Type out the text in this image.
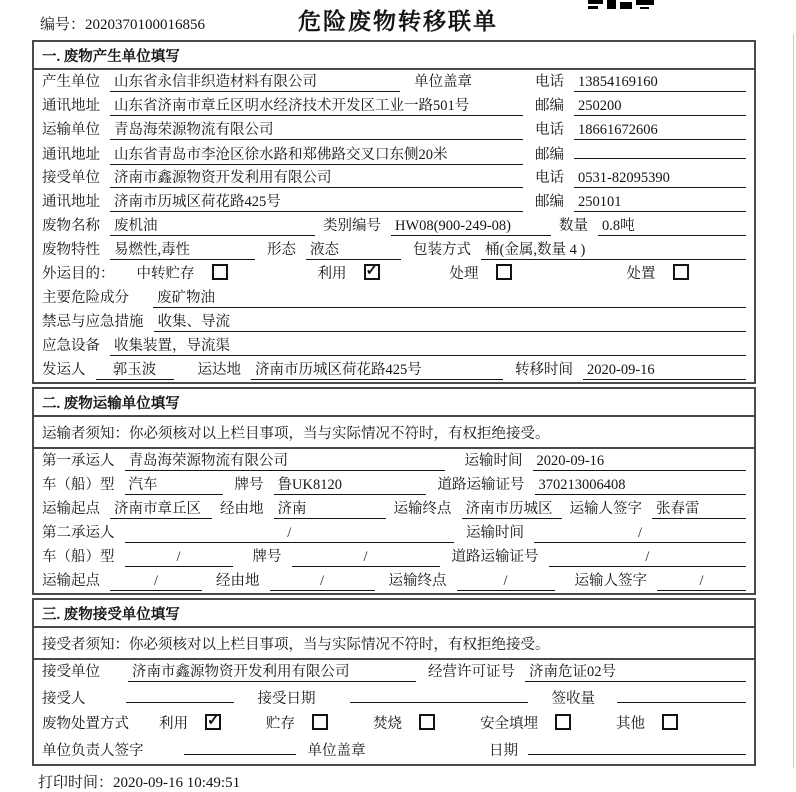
编号：2020370100016856	危险废物转移联单
一. 废物产生单位填写
产生单位 山东省永信非织造材料有限公司	单位盖章	电话 13854169160
通讯地址 山东省济南市章丘区明水经济技术开发区工业一路501号	邮编 250200
运输单位 青岛海荣源物流有限公司	电话 18661672606
通讯地址 山东省青岛市李沧区徐水路和郑佛路交叉口东侧20米	邮编
接受单位 济南市鑫源物资开发利用有限公司	电话 0531-82095390
通讯地址 济南市历城区荷花路425号	邮编 250101
废物名称 废机油	类别编号 HW08(900-249-08)	数量 0.8吨
废物特性 易燃性,毒性	形态 液态	包装方式 桶(金属,数量 4 )
外运目的： 中转贮存	利用 ✓	处理	处置
主要危险成分 废矿物油
禁忌与应急措施 收集、导流
应急设备 收集装置，导流渠
发运人	郭玉波	运达地 济南市历城区荷花路425号	转移时间 2020-09-16
二. 废物运输单位填写
运输者须知：你必须核对以上栏目事项，当与实际情况不符时，有权拒绝接受。
第一承运人 青岛海荣源物流有限公司	运输时间 2020-09-16
车（船）型 汽车	牌号 鲁UK8120	道路运输证号 370213006408
运输起点 济南市章丘区	经由地 济南	运输终点 济南市历城区	运输人签字 张春雷
第二承运人	/	运输时间	/
车（船）型	/	牌号	/	道路运输证号	/
运输起点	/	经由地	/	运输终点	/	运输人签字	/
三. 废物接受单位填写
接受者须知：你必须核对以上栏目事项，当与实际情况不符时，有权拒绝接受。
接受单位 济南市鑫源物资开发利用有限公司	经营许可证号 济南危证02号
接受人	接受日期	签收量
废物处置方式 利用 ✓	贮存	焚烧	安全填埋	其他
单位负责人签字	单位盖章	日期
打印时间：2020-09-16 10:49:51
